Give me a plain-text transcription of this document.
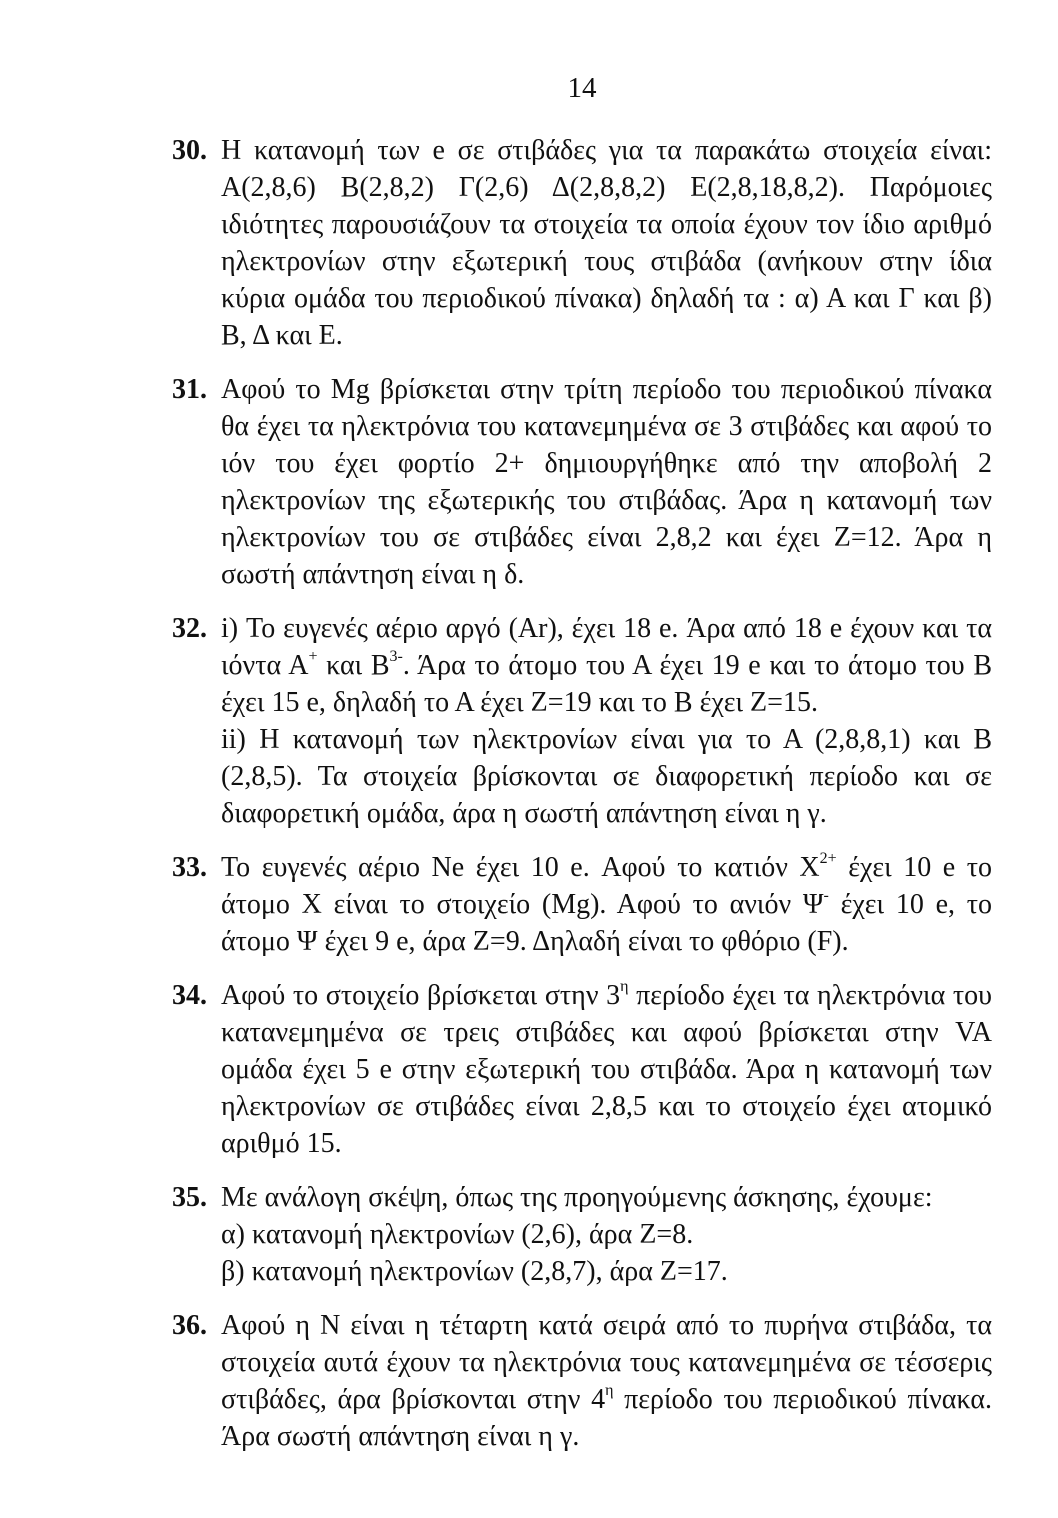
14
30. Η κατανομή των e σε στιβάδες για τα παρακάτω στοιχεία είναι: Α(2,8,6) Β(2,8,2) Γ(2,6) Δ(2,8,8,2) Ε(2,8,18,8,2). Παρόμοιες ιδιότητες παρουσιάζουν τα στοιχεία τα οποία έχουν τον ίδιο αριθμό ηλεκτρονίων στην εξωτερική τους στιβάδα (ανήκουν στην ίδια κύρια ομάδα του περιοδικού πίνακα) δηλαδή τα : α) Α και Γ και β) Β, Δ και Ε.
31. Αφού το Mg βρίσκεται στην τρίτη περίοδο του περιοδικού πίνακα θα έχει τα ηλεκτρόνια του κατανεμημένα σε 3 στιβάδες και αφού το ιόν του έχει φορτίο 2+ δημιουργήθηκε από την αποβολή 2 ηλεκτρονίων της εξωτερικής του στιβάδας. Άρα η κατανομή των ηλεκτρονίων του σε στιβάδες είναι 2,8,2 και έχει Ζ=12. Άρα η σωστή απάντηση είναι η δ.
32. i) Το ευγενές αέριο αργό (Ar), έχει 18 e. Άρα από 18 e έχουν και τα ιόντα Α+ και $B^{3-}$. Άρα το άτομο του Α έχει 19 e και το άτομο του Β έχει 15 e, δηλαδή το Α έχει Ζ=19 και το Β έχει Ζ=15.
ii) Η κατανομή των ηλεκτρονίων είναι για το Α (2,8,8,1) και Β (2,8,5). Τα στοιχεία βρίσκονται σε διαφορετική περίοδο και σε διαφορετική ομάδα, άρα η σωστή απάντηση είναι η γ.
33. Το ευγενές αέριο Ne έχει 10 e. Αφού το κατιόν $X^{2+}$ έχει 10 e το άτομο Χ είναι το στοιχείο (Mg). Αφού το ανιόν Ψ- έχει 10 e, το άτομο Ψ έχει 9 e, άρα Ζ=9. Δηλαδή είναι το φθόριο (F).
34. Αφού το στοιχείο βρίσκεται στην $3^\eta$ περίοδο έχει τα ηλεκτρόνια του κατανεμημένα σε τρεις στιβάδες και αφού βρίσκεται στην VA ομάδα έχει 5 e στην εξωτερική του στιβάδα. Άρα η κατανομή των ηλεκτρονίων σε στιβάδες είναι 2,8,5 και το στοιχείο έχει ατομικό αριθμό 15.
35. Με ανάλογη σκέψη, όπως της προηγούμενης άσκησης, έχουμε:
α) κατανομή ηλεκτρονίων (2,6), άρα Ζ=8.
β) κατανομή ηλεκτρονίων (2,8,7), άρα Ζ=17.
36. Αφού η Ν είναι η τέταρτη κατά σειρά από το πυρήνα στιβάδα, τα στοιχεία αυτά έχουν τα ηλεκτρόνια τους κατανεμημένα σε τέσσερις στιβάδες, άρα βρίσκονται στην $4^\eta$ περίοδο του περιοδικού πίνακα. Άρα σωστή απάντηση είναι η γ.
